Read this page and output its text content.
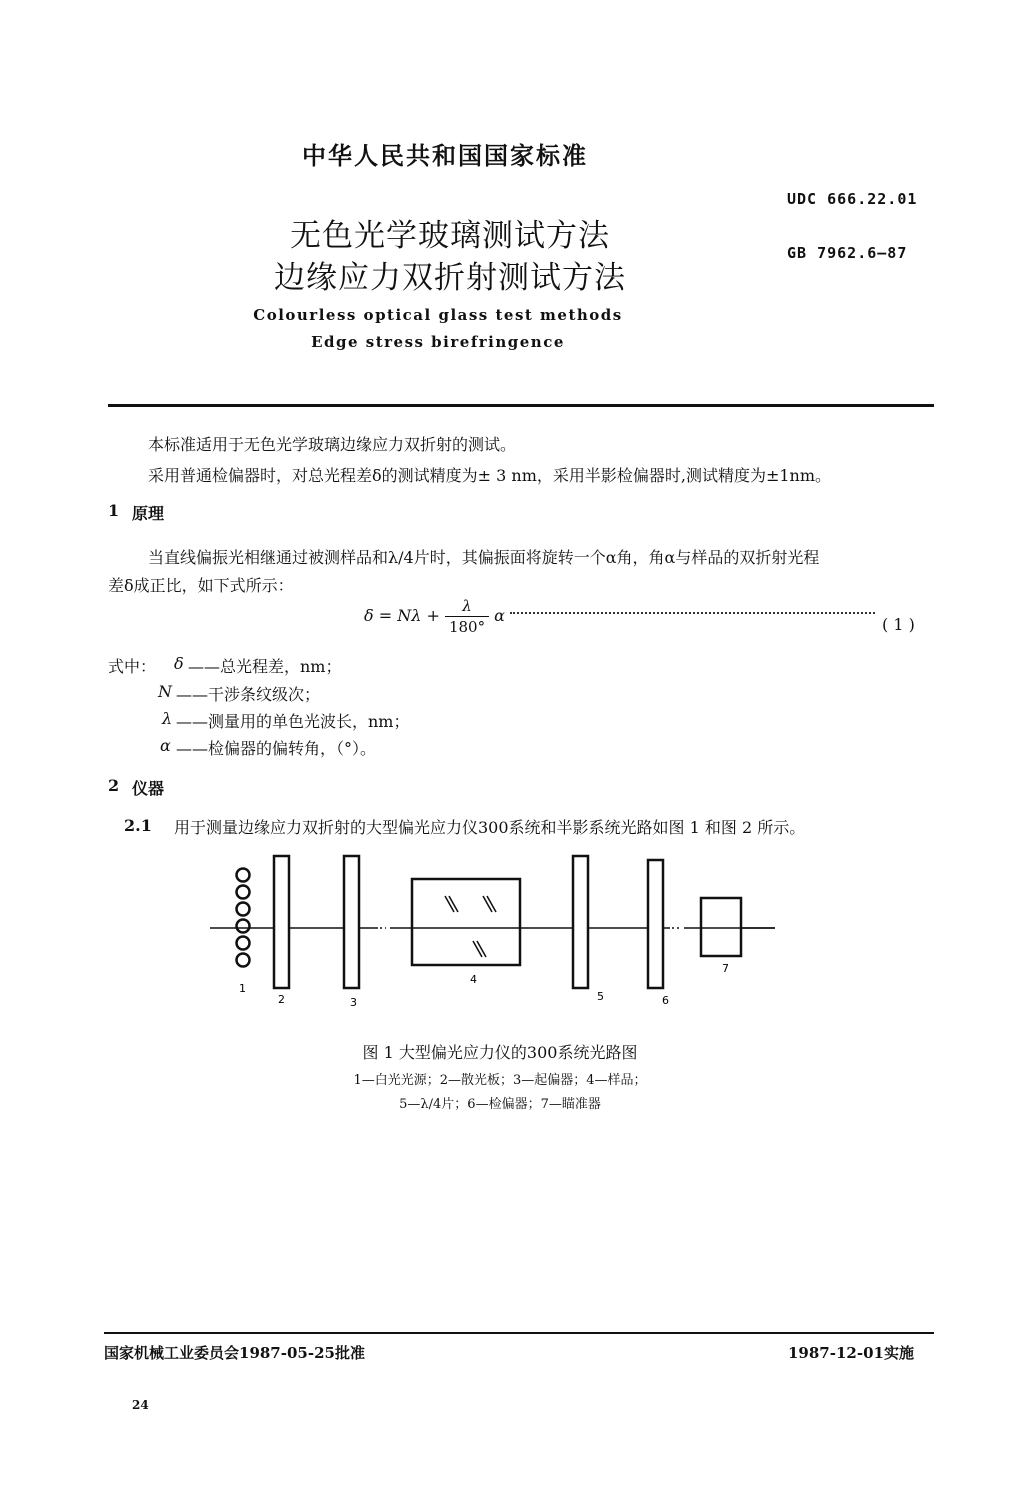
中华人民共和国国家标准
UDC 666.22.01
GB 7962.6—87
无色光学玻璃测试方法
边缘应力双折射测试方法
Colourless optical glass test methods
Edge stress birefringence
本标准适用于无色光学玻璃边缘应力双折射的测试。
采用普通检偏器时，对总光程差δ的测试精度为± 3 nm，采用半影检偏器时,测试精度为±1nm。
1 原理
当直线偏振光相继通过被测样品和λ/4片时，其偏振面将旋转一个α角，角α与样品的双折射光程
差δ成正比，如下式所示：
$\delta = N\lambda + \frac{\lambda}{180^\circ}$ α	( 1 )
式中： δ ——总光程差，nm；
N ——干涉条纹级次；
λ ——测量用的单色光波长，nm；
α ——检偏器的偏转角，（°）。
2 仪器
2.1 用于测量边缘应力双折射的大型偏光应力仪300系统和半影系统光路如图 1 和图 2 所示。
1
2	3
4
5	6
7
图 1 大型偏光应力仪的300系统光路图
1—白光光源；2—散光板；3—起偏器；4—样品；
5—λ/4片；6—检偏器；7—瞄准器
国家机械工业委员会1987-05-25批准	1987-12-01实施
24
